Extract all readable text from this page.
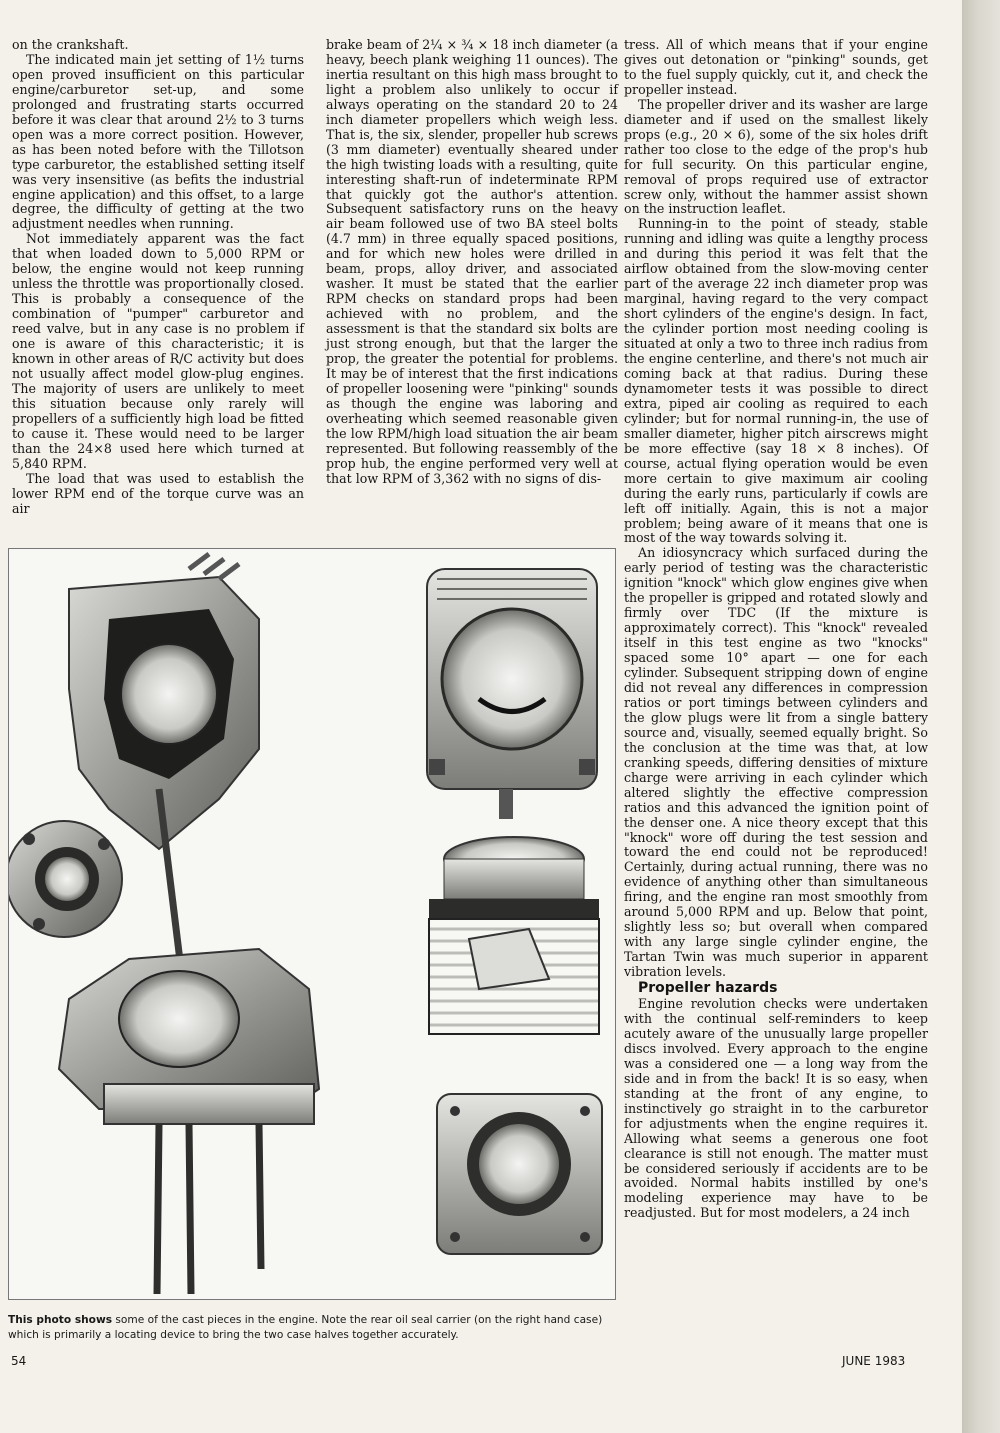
on the crankshaft.

The indicated main jet setting of 1½ turns open proved insufficient on this particular engine/carburetor set-up, and some prolonged and frustrating starts occurred before it was clear that around 2½ to 3 turns open was a more correct position. However, as has been noted before with the Tillotson type carburetor, the established setting itself was very insensitive (as befits the industrial engine application) and this offset, to a large degree, the difficulty of getting at the two adjustment needles when running.

Not immediately apparent was the fact that when loaded down to 5,000 RPM or below, the engine would not keep running unless the throttle was proportionally closed. This is probably a consequence of the combination of "pumper" carburetor and reed valve, but in any case is no problem if one is aware of this characteristic; it is known in other areas of R/C activity but does not usually affect model glow-plug engines. The majority of users are unlikely to meet this situation because only rarely will propellers of a sufficiently high load be fitted to cause it. These would need to be larger than the 24×8 used here which turned at 5,840 RPM.

The load that was used to establish the lower RPM end of the torque curve was an air

brake beam of 2¼ × ¾ × 18 inch diameter (a heavy, beech plank weighing 11 ounces). The inertia resultant on this high mass brought to light a problem also unlikely to occur if always operating on the standard 20 to 24 inch diameter propellers which weigh less. That is, the six, slender, propeller hub screws (3 mm diameter) eventually sheared under the high twisting loads with a resulting, quite interesting shaft-run of indeterminate RPM that quickly got the author's attention. Subsequent satisfactory runs on the heavy air beam followed use of two BA steel bolts (4.7 mm) in three equally spaced positions, and for which new holes were drilled in beam, props, alloy driver, and associated washer. It must be stated that the earlier RPM checks on standard props had been achieved with no problem, and the assessment is that the standard six bolts are just strong enough, but that the larger the prop, the greater the potential for problems. It may be of interest that the first indications of propeller loosening were "pinking" sounds as though the engine was laboring and overheating which seemed reasonable given the low RPM/high load situation the air beam represented. But following reassembly of the prop hub, the engine performed very well at that low RPM of 3,362 with no signs of dis-

tress. All of which means that if your engine gives out detonation or "pinking" sounds, get to the fuel supply quickly, cut it, and check the propeller instead.

The propeller driver and its washer are large diameter and if used on the smallest likely props (e.g., 20 × 6), some of the six holes drift rather too close to the edge of the prop's hub for full security. On this particular engine, removal of props required use of extractor screw only, without the hammer assist shown on the instruction leaflet.

Running-in to the point of steady, stable running and idling was quite a lengthy process and during this period it was felt that the airflow obtained from the slow-moving center part of the average 22 inch diameter prop was marginal, having regard to the very compact short cylinders of the engine's design. In fact, the cylinder portion most needing cooling is situated at only a two to three inch radius from the engine centerline, and there's not much air coming back at that radius. During these dynamometer tests it was possible to direct extra, piped air cooling as required to each cylinder; but for normal running-in, the use of smaller diameter, higher pitch airscrews might be more effective (say 18 × 8 inches). Of course, actual flying operation would be even more certain to give maximum air cooling during the early runs, particularly if cowls are left off initially. Again, this is not a major problem; being aware of it means that one is most of the way towards solving it.

An idiosyncracy which surfaced during the early period of testing was the characteristic ignition "knock" which glow engines give when the propeller is gripped and rotated slowly and firmly over TDC (If the mixture is approximately correct). This "knock" revealed itself in this test engine as two "knocks" spaced some 10° apart — one for each cylinder. Subsequent stripping down of engine did not reveal any differences in compression ratios or port timings between cylinders and the glow plugs were lit from a single battery source and, visually, seemed equally bright. So the conclusion at the time was that, at low cranking speeds, differing densities of mixture charge were arriving in each cylinder which altered slightly the effective compression ratios and this advanced the ignition point of the denser one. A nice theory except that this "knock" wore off during the test session and toward the end could not be reproduced! Certainly, during actual running, there was no evidence of anything other than simultaneous firing, and the engine ran most smoothly from around 5,000 RPM and up. Below that point, slightly less so; but overall when compared with any large single cylinder engine, the Tartan Twin was much superior in apparent vibration levels.

Propeller hazards

Engine revolution checks were undertaken with the continual self-reminders to keep acutely aware of the unusually large propeller discs involved. Every approach to the engine was a considered one — a long way from the side and in from the back! It is so easy, when standing at the front of any engine, to instinctively go straight in to the carburetor for adjustments when the engine requires it. Allowing what seems a generous one foot clearance is still not enough. The matter must be considered seriously if accidents are to be avoided. Normal habits instilled by one's modeling experience may have to be readjusted. But for most modelers, a 24 inch

This photo shows some of the cast pieces in the engine. Note the rear oil seal carrier (on the right hand case) which is primarily a locating device to bring the two case halves together accurately.
54	JUNE 1983
